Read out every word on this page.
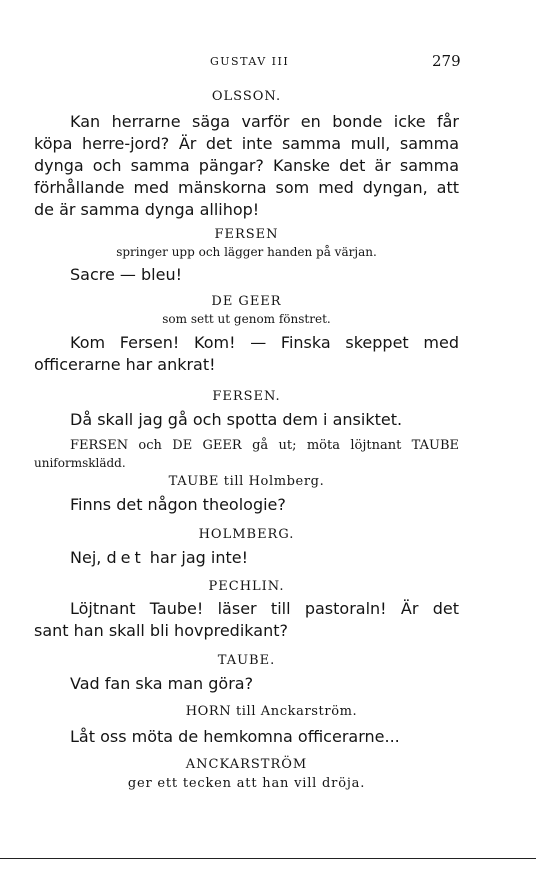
GUSTAV III	279
OLSSON.
Kan herrarne säga varför en bonde icke får
köpa herre-jord? Är det inte samma mull, samma
dynga och samma pängar? Kanske det är samma
förhållande med mänskorna som med dyngan, att
de är samma dynga allihop!
FERSEN
springer upp och lägger handen på värjan.
Sacre — bleu!
DE GEER
som sett ut genom fönstret.
Kom Fersen! Kom! — Finska skeppet med
officerarne har ankrat!
FERSEN.
Då skall jag gå och spotta dem i ansiktet.
FERSEN och DE GEER gå ut; möta löjtnant TAUBE
uniformsklädd.
TAUBE till Holmberg.
Finns det någon theologie?
HOLMBERG.
Nej, det har jag inte!
PECHLIN.
Löjtnant Taube! läser till pastoraln! Är det
sant han skall bli hovpredikant?
TAUBE.
Vad fan ska man göra?
HORN till Anckarström.
Låt oss möta de hemkomna officerarne...
ANCKARSTRÖM
ger ett tecken att han vill dröja.
